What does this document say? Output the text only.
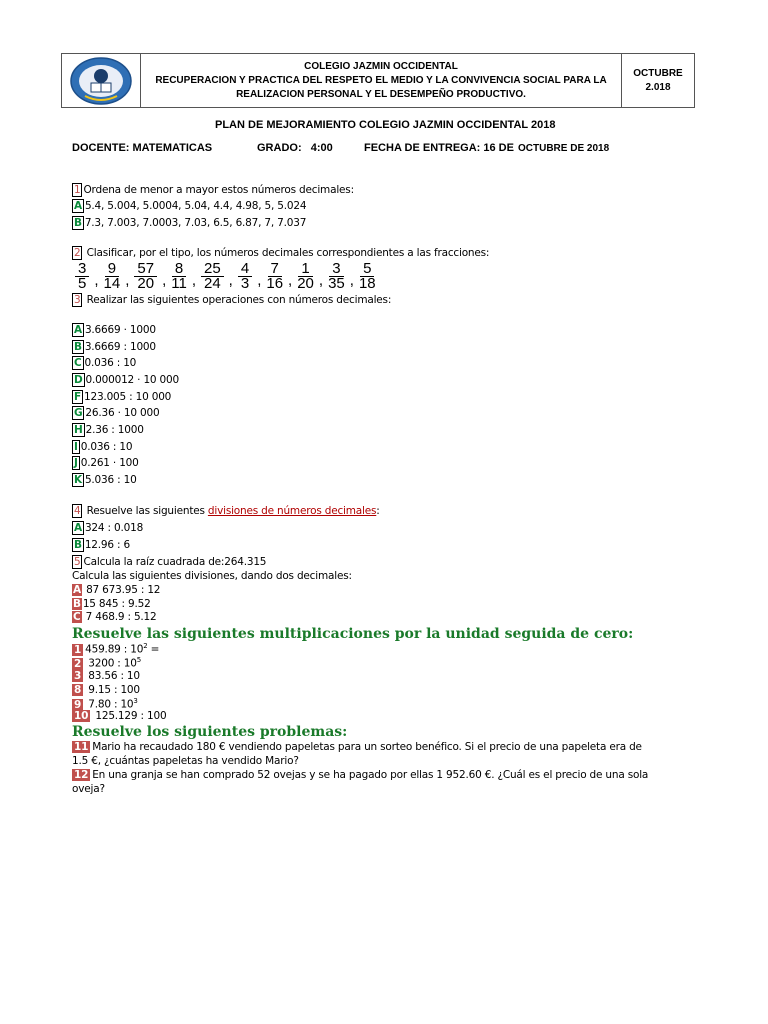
COLEGIO JAZMIN OCCIDENTAL
RECUPERACION Y PRACTICA DEL RESPETO EL MEDIO Y LA CONVIVENCIA SOCIAL PARA LA REALIZACION PERSONAL Y EL DESEMPEÑO PRODUCTIVO.

OCTUBRE
2.018
PLAN DE MEJORAMIENTO COLEGIO JAZMIN OCCIDENTAL 2018
DOCENTE: MATEMATICAS	GRADO:   4:00	FECHA DE ENTREGA: 16 DE OCTUBRE DE 2018
1 Ordena de menor a mayor estos números decimales:
A 5.4, 5.004, 5.0004, 5.04, 4.4, 4.98, 5, 5.024
B 7.3, 7.003, 7.0003, 7.03, 6.5, 6.87, 7, 7.037
2 Clasificar, por el tipo, los números decimales correspondientes a las fracciones:
$\frac{3}{5}$ , $\frac{9}{14}$ , $\frac{57}{20}$ , $\frac{8}{11}$ , $\frac{25}{24}$ , $\frac{4}{3}$ , $\frac{7}{16}$ , $\frac{1}{20}$ , $\frac{3}{35}$ , $\frac{5}{18}$
3 Realizar las siguientes operaciones con números decimales:
A 3.6669 · 1000
B 3.6669 : 1000
C 0.036 : 10
D 0.000012 · 10 000
F 123.005 : 10 000
G 26.36 · 10 000
H 2.36 : 1000
I 0.036 : 10
J 0.261 · 100
K 5.036 : 10
4 Resuelve las siguientes divisiones de números decimales:
A 324 : 0.018
B 12.96 : 6
5 Calcula la raíz cuadrada de:264.315
Calcula las siguientes divisiones, dando dos decimales:
A 87 673.95 : 12
B 15 845 : 9.52
C 7 468.9 : 5.12
Resuelve las siguientes multiplicaciones por la unidad seguida de cero:
1 459.89 : $10^2$ =
2 3200 : $10^5$
3 83.56 : 10
8 9.15 : 100
9 7.80 : $10^3$
10 125.129 : 100
Resuelve los siguientes problemas:
11 Mario ha recaudado 180 € vendiendo papeletas para un sorteo benéfico. Si el precio de una papeleta era de
1.5 €, ¿cuántas papeletas ha vendido Mario?
12 En una granja se han comprado 52 ovejas y se ha pagado por ellas 1 952.60 €. ¿Cuál es el precio de una sola
oveja?
